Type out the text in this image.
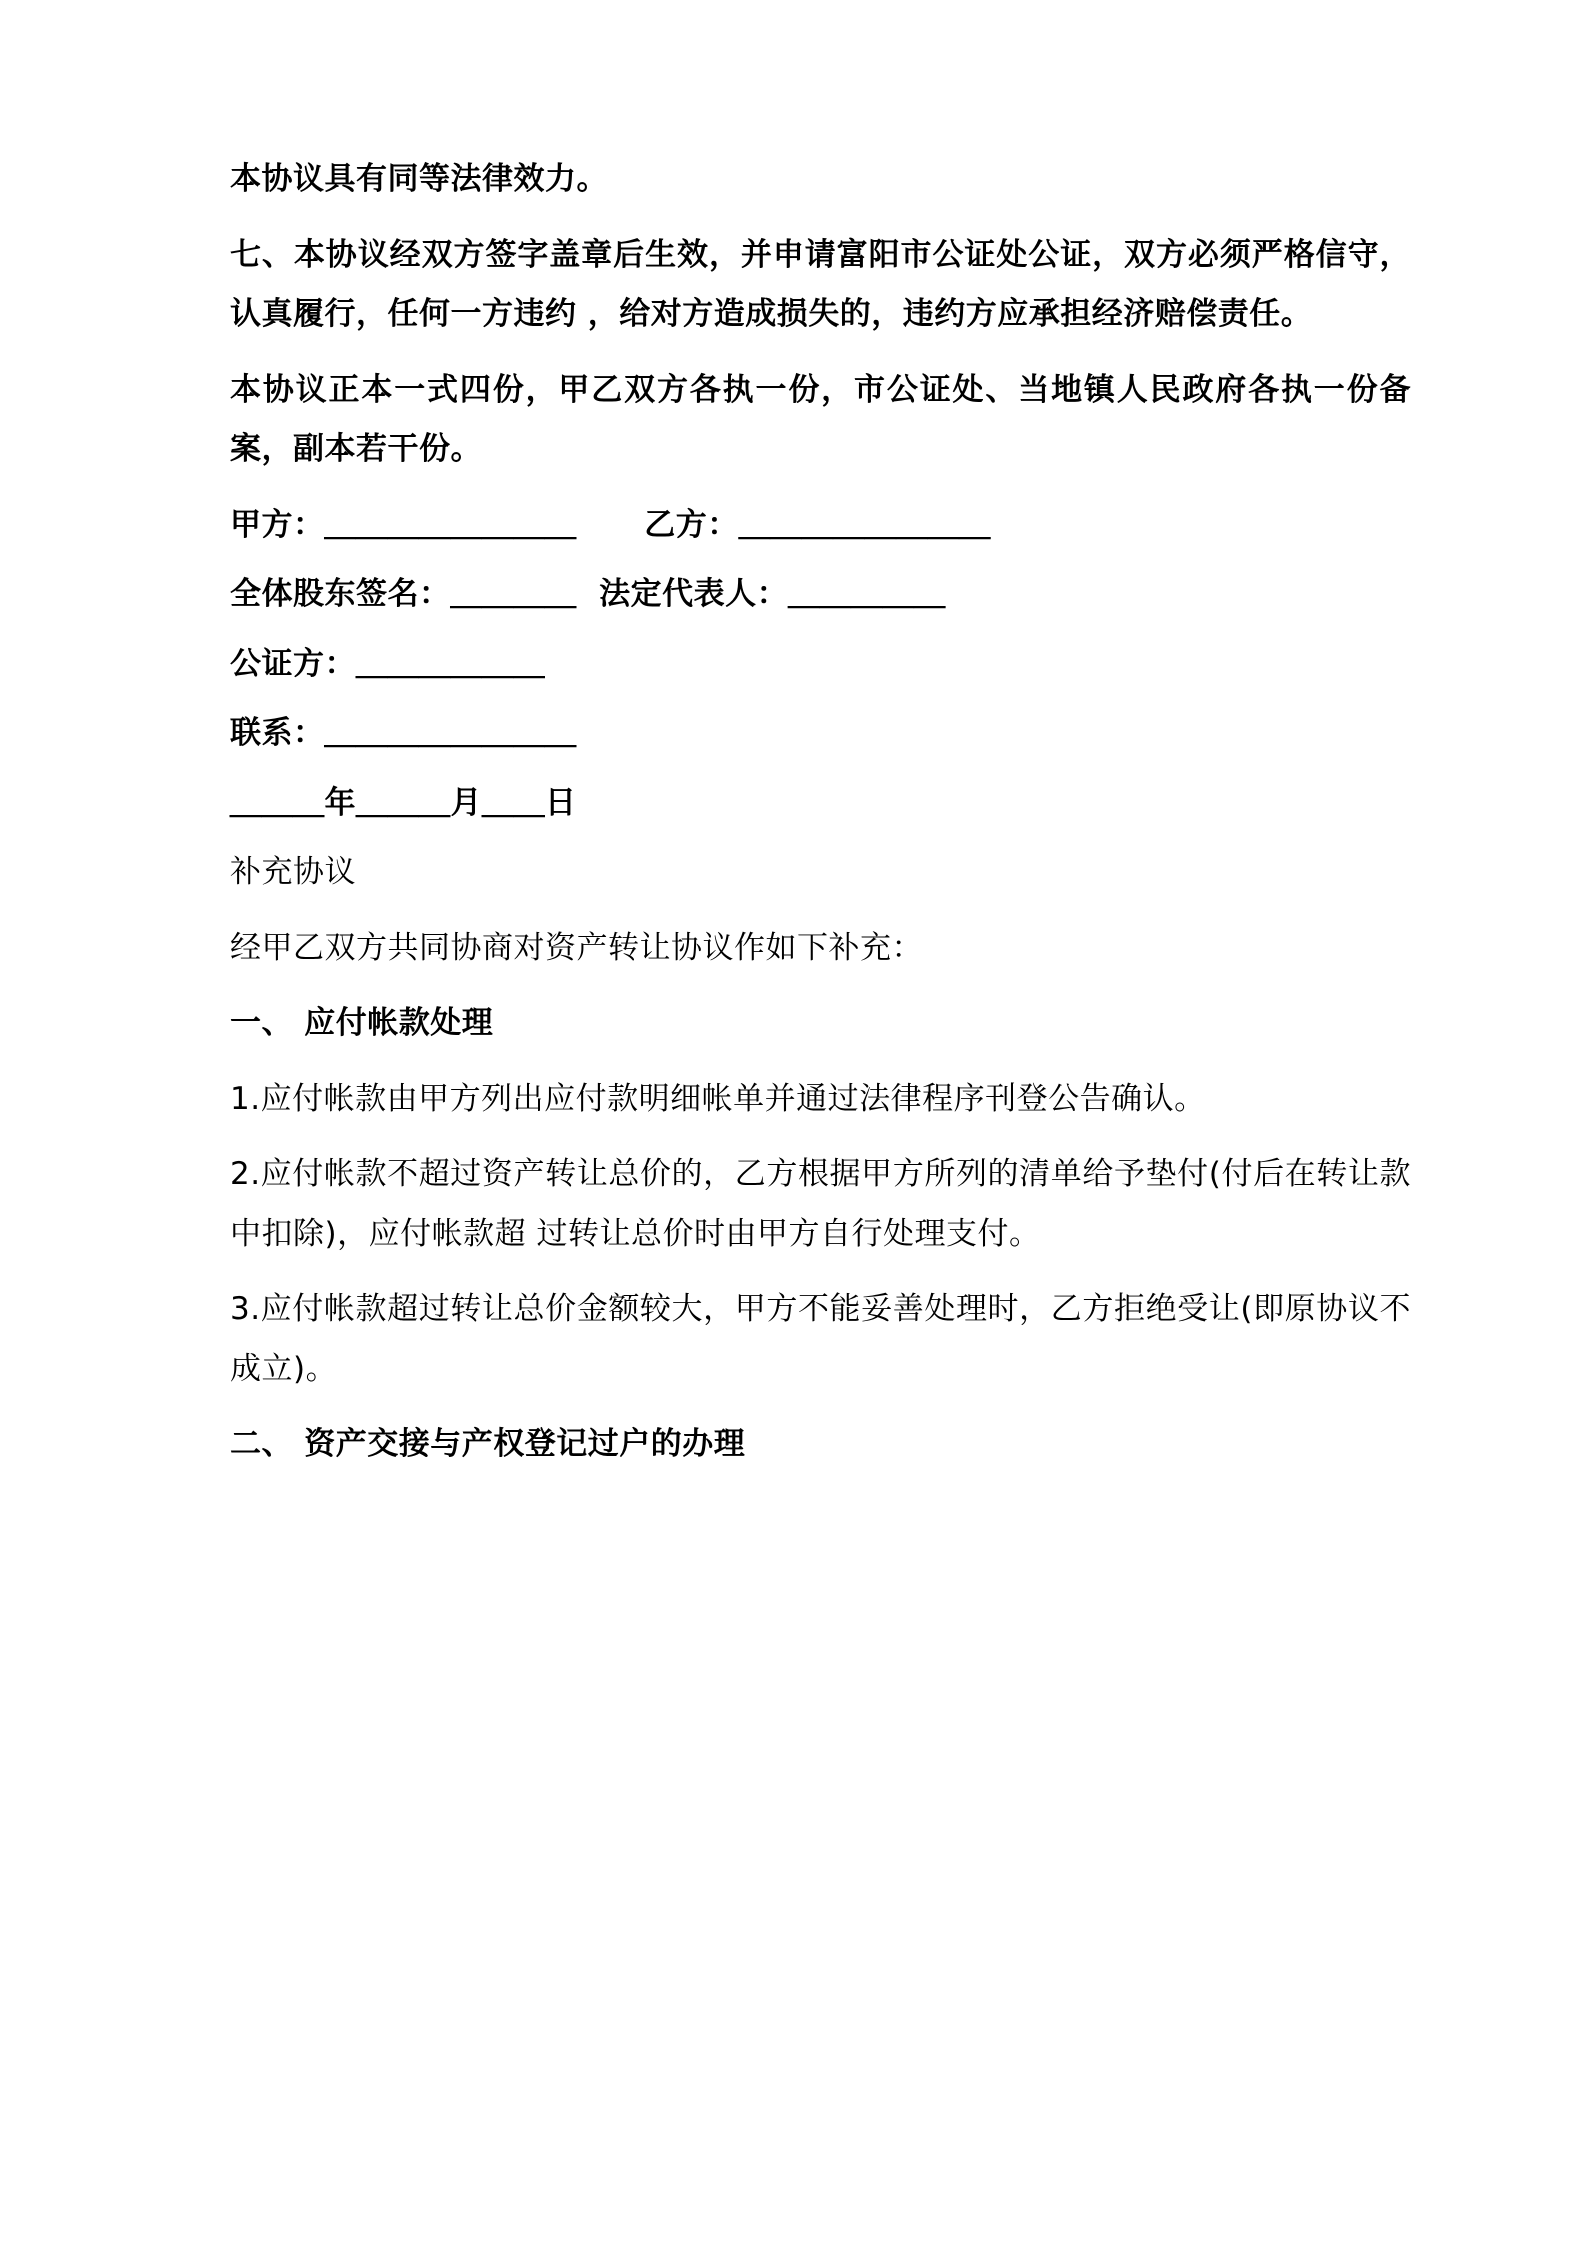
本协议具有同等法律效力。

七、本协议经双方签字盖章后生效，并申请富阳市公证处公证，双方必须严格信守，认真履行，任何一方违约 ，给对方造成损失的，违约方应承担经济赔偿责任。

本协议正本一式四份，甲乙双方各执一份，市公证处、当地镇人民政府各执一份备案，副本若干份。

甲方：＿＿＿＿＿＿＿＿      乙方：＿＿＿＿＿＿＿＿

全体股东签名：＿＿＿＿  法定代表人：＿＿＿＿＿

公证方：＿＿＿＿＿＿

联系：＿＿＿＿＿＿＿＿

＿＿＿年＿＿＿月＿＿日

补充协议

经甲乙双方共同协商对资产转让协议作如下补充：

一、 应付帐款处理

1.应付帐款由甲方列出应付款明细帐单并通过法律程序刊登公告确认。

2.应付帐款不超过资产转让总价的，乙方根据甲方所列的清单给予垫付(付后在转让款中扣除)，应付帐款超 过转让总价时由甲方自行处理支付。

3.应付帐款超过转让总价金额较大，甲方不能妥善处理时，乙方拒绝受让(即原协议不成立)。

二、 资产交接与产权登记过户的办理
